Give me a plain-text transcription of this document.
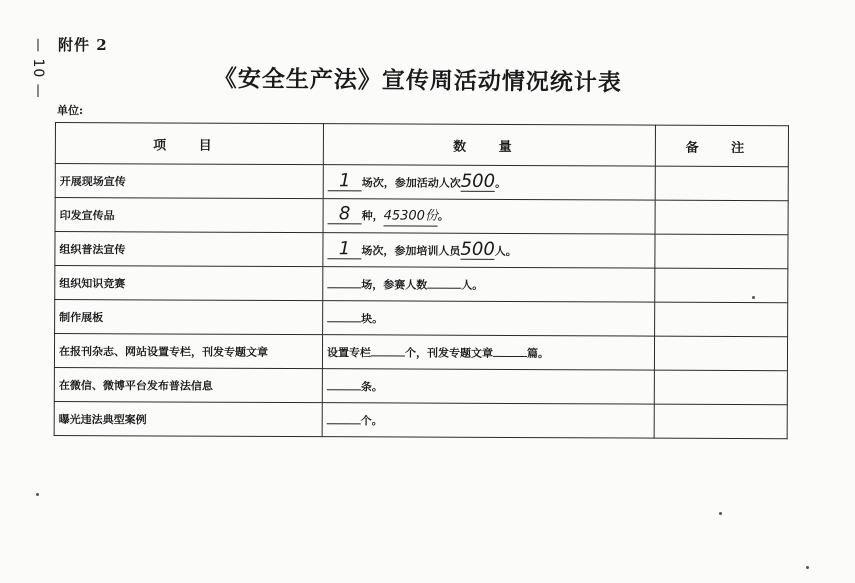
— 10 — 附件 2
《安全生产法》宣传周活动情况统计表
单位:
项 目	数 量	备 注
开展现场宣传	1 场次，参加活动人次500。	
印发宣传品	8 种，45300份。	
组织普法宣传	1 场次，参加培训人员500人。	
组织知识竞赛	场，参赛人数 人。	
制作展板	块。	
在报刊杂志、网站设置专栏，刊发专题文章	设置专栏 个，刊发专题文章 篇。	
在微信、微博平台发布普法信息	条。	
曝光违法典型案例	个。	
